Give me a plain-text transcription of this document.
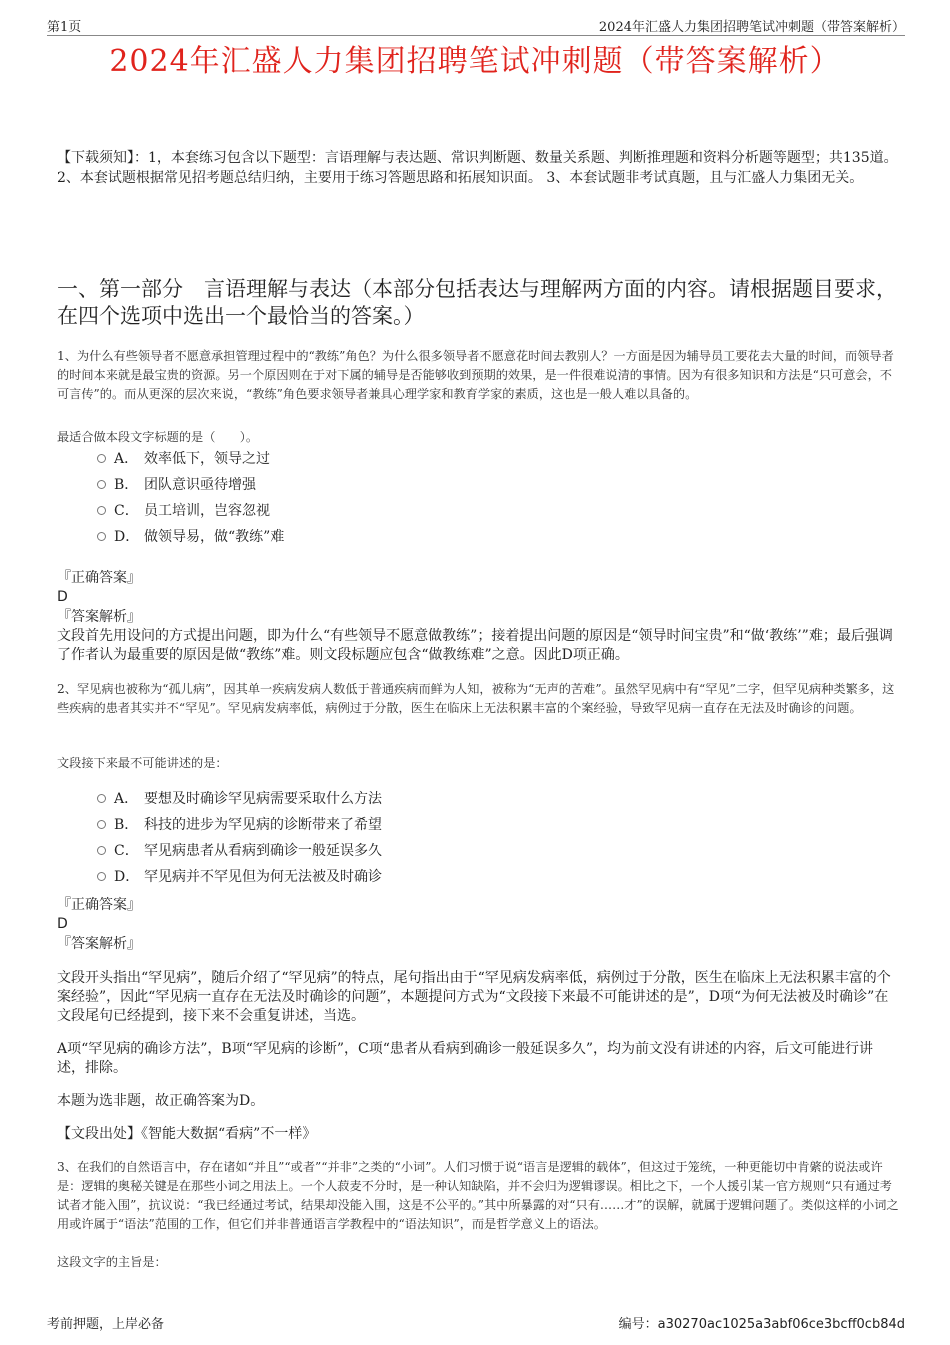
第1页	2024年汇盛人力集团招聘笔试冲刺题（带答案解析）
2024年汇盛人力集团招聘笔试冲刺题（带答案解析）
【下载须知】：1，本套练习包含以下题型：言语理解与表达题、常识判断题、数量关系题、判断推理题和资料分析题等题型；共135道。 2、本套试题根据常见招考题总结归纳，主要用于练习答题思路和拓展知识面。 3、本套试题非考试真题，且与汇盛人力集团无关。
一、第一部分　言语理解与表达（本部分包括表达与理解两方面的内容。请根据题目要求，在四个选项中选出一个最恰当的答案。）
1、为什么有些领导者不愿意承担管理过程中的“教练”角色？为什么很多领导者不愿意花时间去教别人？一方面是因为辅导员工要花去大量的时间，而领导者的时间本来就是最宝贵的资源。另一个原因则在于对下属的辅导是否能够收到预期的效果，是一件很难说清的事情。因为有很多知识和方法是“只可意会，不可言传”的。而从更深的层次来说，“教练”角色要求领导者兼具心理学家和教育学家的素质，这也是一般人难以具备的。
最适合做本段文字标题的是（　　）。
A． 效率低下，领导之过
B． 团队意识亟待增强
C． 员工培训，岂容忽视
D． 做领导易，做“教练”难
『正确答案』
D
『答案解析』
文段首先用设问的方式提出问题，即为什么“有些领导不愿意做教练”；接着提出问题的原因是“领导时间宝贵”和“做‘教练’”难；最后强调了作者认为最重要的原因是做“教练”难。则文段标题应包含“做教练难”之意。因此D项正确。
2、罕见病也被称为“孤儿病”，因其单一疾病发病人数低于普通疾病而鲜为人知，被称为“无声的苦难”。虽然罕见病中有“罕见”二字，但罕见病种类繁多，这些疾病的患者其实并不“罕见”。罕见病发病率低，病例过于分散，医生在临床上无法积累丰富的个案经验，导致罕见病一直存在无法及时确诊的问题。
文段接下来最不可能讲述的是：
A． 要想及时确诊罕见病需要采取什么方法
B． 科技的进步为罕见病的诊断带来了希望
C． 罕见病患者从看病到确诊一般延误多久
D． 罕见病并不罕见但为何无法被及时确诊
『正确答案』
D
『答案解析』
文段开头指出“罕见病”，随后介绍了“罕见病”的特点，尾句指出由于“罕见病发病率低，病例过于分散，医生在临床上无法积累丰富的个案经验”，因此“罕见病一直存在无法及时确诊的问题”，本题提问方式为“文段接下来最不可能讲述的是”，D项“为何无法被及时确诊”在文段尾句已经提到，接下来不会重复讲述，当选。
A项“罕见病的确诊方法”，B项“罕见病的诊断”，C项“患者从看病到确诊一般延误多久”，均为前文没有讲述的内容，后文可能进行讲述，排除。
本题为选非题，故正确答案为D。
【文段出处】《智能大数据“看病”不一样》
3、在我们的自然语言中，存在诸如“并且”“或者”“并非”之类的“小词”。人们习惯于说“语言是逻辑的载体”，但这过于笼统，一种更能切中肯綮的说法或许是：逻辑的奥秘关键是在那些小词之用法上。一个人菽麦不分时，是一种认知缺陷，并不会归为逻辑谬误。相比之下，一个人援引某一官方规则“只有通过考试者才能入围”，抗议说：“我已经通过考试，结果却没能入围，这是不公平的。”其中所暴露的对“只有……才”的误解，就属于逻辑问题了。类似这样的小词之用或许属于“语法”范围的工作，但它们并非普通语言学教程中的“语法知识”，而是哲学意义上的语法。
这段文字的主旨是：
考前押题，上岸必备	编号：a30270ac1025a3abf06ce3bcff0cb84d
